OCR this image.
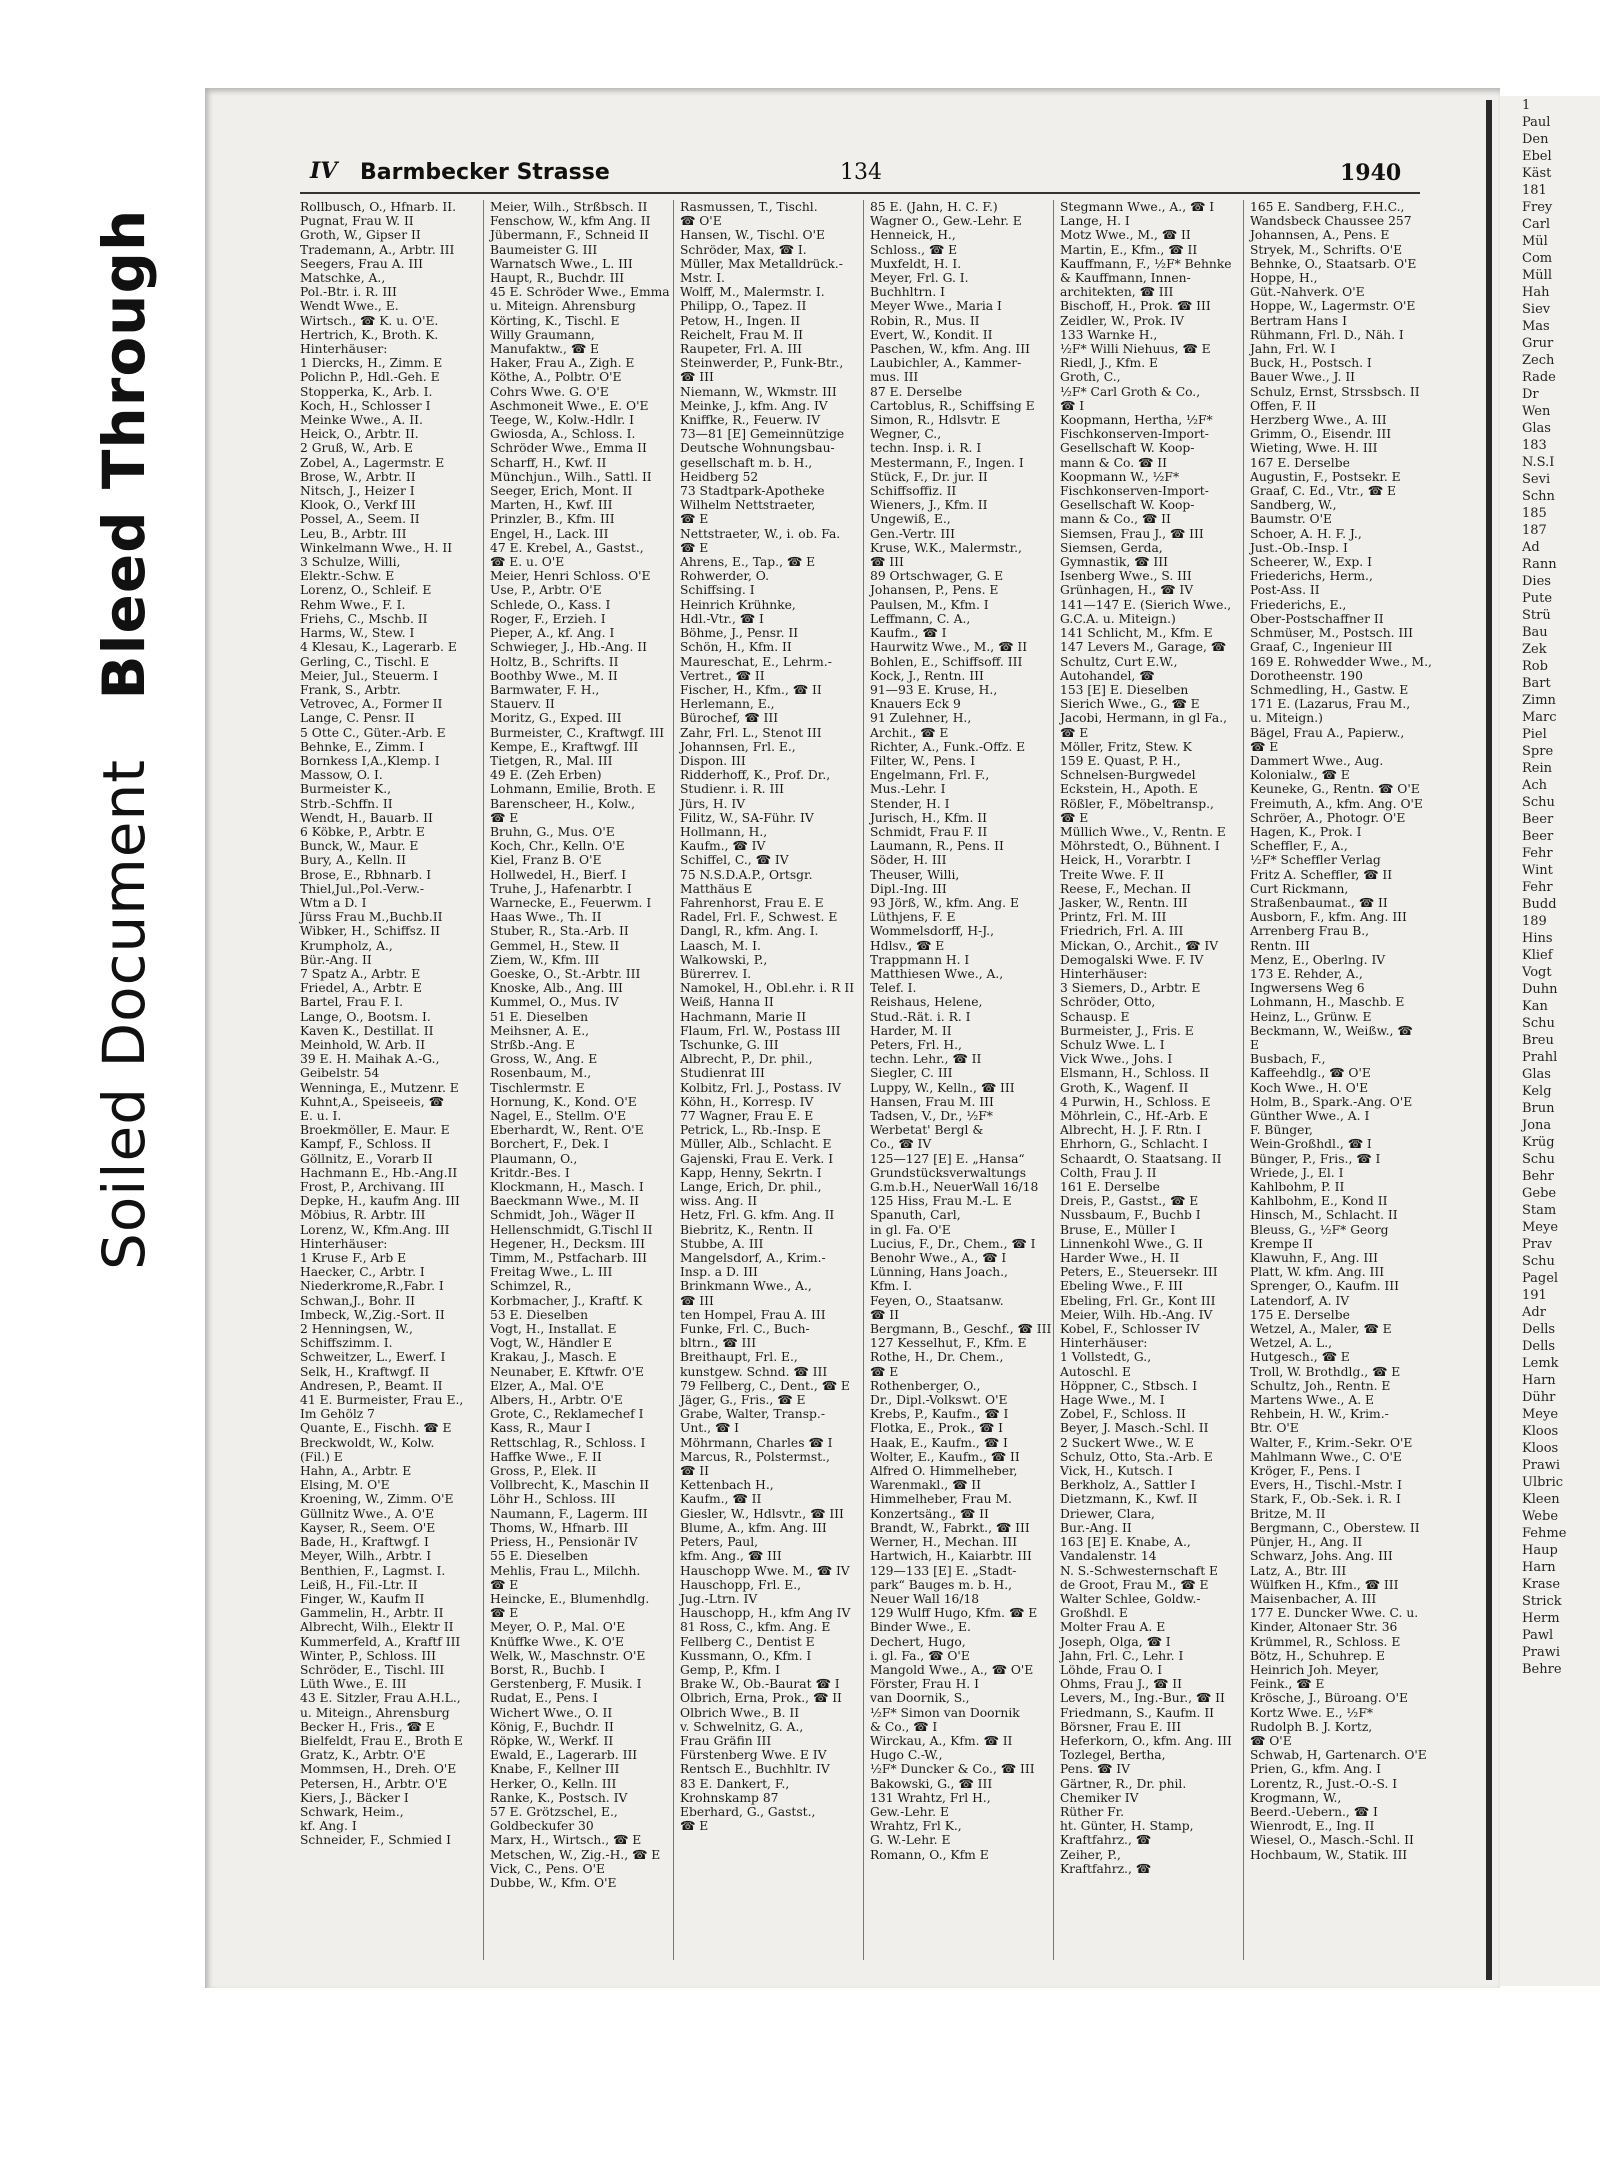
Soiled Document Bleed Through
1
Paul
Den
Ebel
Käst
181
Frey
Carl
Mül
Com
Müll
Hah
Siev
Mas
Grur
Zech
Rade
Dr
Wen
Glas
183
N.S.I
Sevi
Schn
185
187
Ad
Rann
Dies
Pute
Strü
Bau
Zek
Rob
Bart
Zimn
Marc
Piel
Spre
Rein
Ach
Schu
Beer
Beer
Fehr
Wint
Fehr
Budd
189
Hins
Klief
Vogt
Duhn
Kan
Schu
Breu
Prahl
Glas
Kelg
Brun
Jona
Krüg
Schu
Behr
Gebe
Stam
Meye
Prav
Schu
Pagel
191
Adr
Dells
Dells
Lemk
Harn
Dühr
Meye
Kloos
Kloos
Prawi
Ulbric
Kleen
Webe
Fehme
Haup
Harn
Krase
Strick
Herm
Pawl
Prawi
Behre
IV Barmbecker Strasse	134	1940
Rollbusch, O., Hfnarb. II.
Pugnat, Frau W. II
Groth, W., Gipser II
Trademann, A., Arbtr. III
Seegers, Frau A. III
Matschke, A.,
Pol.-Btr. i. R. III
Wendt Wwe., E.
Wirtsch., ☎ K. u. O'E.
Hertrich, K., Broth. K.
Hinterhäuser:
1 Diercks, H., Zimm. E
Polichn P., Hdl.-Geh. E
Stopperka, K., Arb. I.
Koch, H., Schlosser I
Meinke Wwe., A. II.
Heick, O., Arbtr. II.
2 Gruß, W., Arb. E
Zobel, A., Lagermstr. E
Brose, W., Arbtr. II
Nitsch, J., Heizer I
Klook, O., Verkf III
Possel, A., Seem. II
Leu, B., Arbtr. III
Winkelmann Wwe., H. II
3 Schulze, Willi,
Elektr.-Schw. E
Lorenz, O., Schleif. E
Rehm Wwe., F. I.
Friehs, C., Mschb. II
Harms, W., Stew. I
4 Klesau, K., Lagerarb. E
Gerling, C., Tischl. E
Meier, Jul., Steuerm. I
Frank, S., Arbtr.
Vetrovec, A., Former II
Lange, C. Pensr. II
5 Otte C., Güter.-Arb. E
Behnke, E., Zimm. I
Bornkess I,A.,Klemp. I
Massow, O. I.
Burmeister K.,
Strb.-Schffn. II
Wendt, H., Bauarb. II
6 Köbke, P., Arbtr. E
Bunck, W., Maur. E
Bury, A., Kelln. II
Brose, E., Rbhnarb. I
Thiel,Jul.,Pol.-Verw.-
Wtm a D. I
Jürss Frau M.,Buchb.II
Wibker, H., Schiffsz. II
Krumpholz, A.,
Bür.-Ang. II
7 Spatz A., Arbtr. E
Friedel, A., Arbtr. E
Bartel, Frau F. I.
Lange, O., Bootsm. I.
Kaven K., Destillat. II
Meinhold, W. Arb. II
39 E. H. Maihak A.-G.,
Geibelstr. 54
Wenninga, E., Mutzenr. E
Kuhnt,A., Speiseeis, ☎
E. u. I.
Broekmöller, E. Maur. E
Kampf, F., Schloss. II
Göllnitz, E., Vorarb II
Hachmann E., Hb.-Ang.II
Frost, P., Archivang. III
Depke, H., kaufm Ang. III
Möbius, R. Arbtr. III
Lorenz, W., Kfm.Ang. III
Hinterhäuser:
1 Kruse F., Arb E
Haecker, C., Arbtr. I
Niederkrome,R.,Fabr. I
Schwan,J., Bohr. II
Imbeck, W.,Zig.-Sort. II
2 Henningsen, W.,
Schiffszimm. I.
Schweitzer, L., Ewerf. I
Selk, H., Kraftwgf. II
Andresen, P., Beamt. II
41 E. Burmeister, Frau E.,
Im Gehölz 7
Quante, E., Fischh. ☎ E
Breckwoldt, W., Kolw.
(Fil.) E
Hahn, A., Arbtr. E
Elsing, M. O'E
Kroening, W., Zimm. O'E
Güllnitz Wwe., A. O'E
Kayser, R., Seem. O'E
Bade, H., Kraftwgf. I
Meyer, Wilh., Arbtr. I
Benthien, F., Lagmst. I.
Leiß, H., Fil.-Ltr. II
Finger, W., Kaufm II
Gammelin, H., Arbtr. II
Albrecht, Wilh., Elektr II
Kummerfeld, A., Kraftf III
Winter, P., Schloss. III
Schröder, E., Tischl. III
Lüth Wwe., E. III
43 E. Sitzler, Frau A.H.L.,
u. Miteign., Ahrensburg
Becker H., Fris., ☎ E
Bielfeldt, Frau E., Broth E
Gratz, K., Arbtr. O'E
Mommsen, H., Dreh. O'E
Petersen, H., Arbtr. O'E
Kiers, J., Bäcker I
Schwark, Heim.,
kf. Ang. I
Schneider, F., Schmied I
Meier, Wilh., Strßbsch. II
Fenschow, W., kfm Ang. II
Jübermann, F., Schneid II
Baumeister G. III
Warnatsch Wwe., L. III
Haupt, R., Buchdr. III
45 E. Schröder Wwe., Emma
u. Miteign. Ahrensburg
Körting, K., Tischl. E
Willy Graumann,
Manufaktw., ☎ E
Haker, Frau A., Zigh. E
Köthe, A., Polbtr. O'E
Cohrs Wwe. G. O'E
Aschmoneit Wwe., E. O'E
Teege, W., Kolw.-Hdlr. I
Gwiosda, A., Schloss. I.
Schröder Wwe., Emma II
Scharff, H., Kwf. II
Münchjun., Wilh., Sattl. II
Seeger, Erich, Mont. II
Marten, H., Kwf. III
Prinzler, B., Kfm. III
Engel, H., Lack. III
47 E. Krebel, A., Gastst.,
☎ E. u. O'E
Meier, Henri Schloss. O'E
Use, P., Arbtr. O'E
Schlede, O., Kass. I
Roger, F., Erzieh. I
Pieper, A., kf. Ang. I
Schwieger, J., Hb.-Ang. II
Holtz, B., Schrifts. II
Boothby Wwe., M. II
Barmwater, F. H.,
Stauerv. II
Moritz, G., Exped. III
Burmeister, C., Kraftwgf. III
Kempe, E., Kraftwgf. III
Tietgen, R., Mal. III
49 E. (Zeh Erben)
Lohmann, Emilie, Broth. E
Barenscheer, H., Kolw.,
☎ E
Bruhn, G., Mus. O'E
Koch, Chr., Kelln. O'E
Kiel, Franz B. O'E
Hollwedel, H., Bierf. I
Truhe, J., Hafenarbtr. I
Warnecke, E., Feuerwm. I
Haas Wwe., Th. II
Stuber, R., Sta.-Arb. II
Gemmel, H., Stew. II
Ziem, W., Kfm. III
Goeske, O., St.-Arbtr. III
Knoske, Alb., Ang. III
Kummel, O., Mus. IV
51 E. Dieselben
Meihsner, A. E.,
Strßb.-Ang. E
Gross, W., Ang. E
Rosenbaum, M.,
Tischlermstr. E
Hornung, K., Kond. O'E
Nagel, E., Stellm. O'E
Eberhardt, W., Rent. O'E
Borchert, F., Dek. I
Plaumann, O.,
Kritdr.-Bes. I
Klockmann, H., Masch. I
Baeckmann Wwe., M. II
Schmidt, Joh., Wäger II
Hellenschmidt, G.Tischl II
Hegener, H., Decksm. III
Timm, M., Pstfacharb. III
Freitag Wwe., L. III
Schimzel, R.,
Korbmacher, J., Kraftf. K
53 E. Dieselben
Vogt, H., Installat. E
Vogt, W., Händler E
Krakau, J., Masch. E
Neunaber, E. Kftwfr. O'E
Elzer, A., Mal. O'E
Albers, H., Arbtr. O'E
Grote, C., Reklamechef I
Kass, R., Maur I
Rettschlag, R., Schloss. I
Haffke Wwe., F. II
Gross, P., Elek. II
Vollbrecht, K., Maschin II
Löhr H., Schloss. III
Naumann, F., Lagerm. III
Thoms, W., Hfnarb. III
Priess, H., Pensionär IV
55 E. Dieselben
Mehlis, Frau L., Milchh.
☎ E
Heincke, E., Blumenhdlg.
☎ E
Meyer, O. P., Mal. O'E
Knüffke Wwe., K. O'E
Welk, W., Maschnstr. O'E
Borst, R., Buchb. I
Gerstenberg, F. Musik. I
Rudat, E., Pens. I
Wichert Wwe., O. II
König, F., Buchdr. II
Röpke, W., Werkf. II
Ewald, E., Lagerarb. III
Knabe, F., Kellner III
Herker, O., Kelln. III
Ranke, K., Postsch. IV
57 E. Grötzschel, E.,
Goldbeckufer 30
Marx, H., Wirtsch., ☎ E
Metschen, W., Zig.-H., ☎ E
Vick, C., Pens. O'E
Dubbe, W., Kfm. O'E
Rasmussen, T., Tischl.
☎ O'E
Hansen, W., Tischl. O'E
Schröder, Max, ☎ I.
Müller, Max Metalldrück.-
Mstr. I.
Wolff, M., Malermstr. I.
Philipp, O., Tapez. II
Petow, H., Ingen. II
Reichelt, Frau M. II
Raupeter, Frl. A. III
Steinwerder, P., Funk-Btr.,
☎ III
Niemann, W., Wkmstr. III
Meinke, J., kfm. Ang. IV
Kniffke, R., Feuerw. IV
73—81 [E] Gemeinnützige
Deutsche Wohnungsbau-
gesellschaft m. b. H.,
Heidberg 52
73 Stadtpark-Apotheke
Wilhelm Nettstraeter,
☎ E
Nettstraeter, W., i. ob. Fa.
☎ E
Ahrens, E., Tap., ☎ E
Rohwerder, O.
Schiffsing. I
Heinrich Krühnke,
Hdl.-Vtr., ☎ I
Böhme, J., Pensr. II
Schön, H., Kfm. II
Maureschat, E., Lehrm.-
Vertret., ☎ II
Fischer, H., Kfm., ☎ II
Herlemann, E.,
Bürochef, ☎ III
Zahr, Frl. L., Stenot III
Johannsen, Frl. E.,
Dispon. III
Ridderhoff, K., Prof. Dr.,
Studienr. i. R. III
Jürs, H. IV
Filitz, W., SA-Führ. IV
Hollmann, H.,
Kaufm., ☎ IV
Schiffel, C., ☎ IV
75 N.S.D.A.P., Ortsgr.
Matthäus E
Fahrenhorst, Frau E. E
Radel, Frl. F., Schwest. E
Dangl, R., kfm. Ang. I.
Laasch, M. I.
Walkowski, P.,
Bürerrev. I.
Namokel, H., Obl.ehr. i. R II
Weiß, Hanna II
Hachmann, Marie II
Flaum, Frl. W., Postass III
Tschunke, G. III
Albrecht, P., Dr. phil.,
Studienrat III
Kolbitz, Frl. J., Postass. IV
Köhn, H., Korresp. IV
77 Wagner, Frau E. E
Petrick, L., Rb.-Insp. E
Müller, Alb., Schlacht. E
Gajenski, Frau E. Verk. I
Kapp, Henny, Sekrtn. I
Lange, Erich, Dr. phil.,
wiss. Ang. II
Hetz, Frl. G. kfm. Ang. II
Biebritz, K., Rentn. II
Stubbe, A. III
Mangelsdorf, A., Krim.-
Insp. a D. III
Brinkmann Wwe., A.,
☎ III
ten Hompel, Frau A. III
Funke, Frl. C., Buch-
bltrn., ☎ III
Breithaupt, Frl. E.,
kunstgew. Schnd. ☎ III
79 Fellberg, C., Dent., ☎ E
Jäger, G., Fris., ☎ E
Grabe, Walter, Transp.-
Unt., ☎ I
Möhrmann, Charles ☎ I
Marcus, R., Polstermst.,
☎ II
Kettenbach H.,
Kaufm., ☎ II
Giesler, W., Hdlsvtr., ☎ III
Blume, A., kfm. Ang. III
Peters, Paul,
kfm. Ang., ☎ III
Hauschopp Wwe. M., ☎ IV
Hauschopp, Frl. E.,
Jug.-Ltrn. IV
Hauschopp, H., kfm Ang IV
81 Ross, C., kfm. Ang. E
Fellberg C., Dentist E
Kussmann, O., Kfm. I
Gemp, P., Kfm. I
Brake W., Ob.-Baurat ☎ I
Olbrich, Erna, Prok., ☎ II
Olbrich Wwe., B. II
v. Schwelnitz, G. A.,
Frau Gräfin III
Fürstenberg Wwe. E IV
Rentsch E., Buchhltr. IV
83 E. Dankert, F.,
Krohnskamp 87
Eberhard, G., Gastst.,
☎ E
85 E. (Jahn, H. C. F.)
Wagner O., Gew.-Lehr. E
Henneick, H.,
Schloss., ☎ E
Muxfeldt, H. I.
Meyer, Frl. G. I.
Buchhltrn. I
Meyer Wwe., Maria I
Robin, R., Mus. II
Evert, W., Kondit. II
Paschen, W., kfm. Ang. III
Laubichler, A., Kammer-
mus. III
87 E. Derselbe
Cartoblus, R., Schiffsing E
Simon, R., Hdlsvtr. E
Wegner, C.,
techn. Insp. i. R. I
Mestermann, F., Ingen. I
Stück, F., Dr. jur. II
Schiffsoffiz. II
Wieners, J., Kfm. II
Ungewiß, E.,
Gen.-Vertr. III
Kruse, W.K., Malermstr.,
☎ III
89 Ortschwager, G. E
Johansen, P., Pens. E
Paulsen, M., Kfm. I
Leffmann, C. A.,
Kaufm., ☎ I
Haurwitz Wwe., M., ☎ II
Bohlen, E., Schiffsoff. III
Kock, J., Rentn. III
91—93 E. Kruse, H.,
Knauers Eck 9
91 Zulehner, H.,
Archit., ☎ E
Richter, A., Funk.-Offz. E
Filter, W., Pens. I
Engelmann, Frl. F.,
Mus.-Lehr. I
Stender, H. I
Jurisch, H., Kfm. II
Schmidt, Frau F. II
Laumann, R., Pens. II
Söder, H. III
Theuser, Willi,
Dipl.-Ing. III
93 Jörß, W., kfm. Ang. E
Lüthjens, F. E
Wommelsdorff, H-J.,
Hdlsv., ☎ E
Trappmann H. I
Matthiesen Wwe., A.,
Telef. I.
Reishaus, Helene,
Stud.-Rät. i. R. I
Harder, M. II
Peters, Frl. H.,
techn. Lehr., ☎ II
Siegler, C. III
Luppy, W., Kelln., ☎ III
Hansen, Frau M. III
Tadsen, V., Dr., ½F*
Werbetat' Bergl &
Co., ☎ IV
125—127 [E] E. „Hansa“
Grundstücksverwaltungs
G.m.b.H., NeuerWall 16/18
125 Hiss, Frau M.-L. E
Spanuth, Carl,
in gl. Fa. O'E
Lucius, F., Dr., Chem., ☎ I
Benohr Wwe., A., ☎ I
Lünning, Hans Joach.,
Kfm. I.
Feyen, O., Staatsanw.
☎ II
Bergmann, B., Geschf., ☎ III
127 Kesselhut, F., Kfm. E
Rothe, H., Dr. Chem.,
☎ E
Rothenberger, O.,
Dr., Dipl.-Volkswt. O'E
Krebs, P., Kaufm., ☎ I
Flotka, E., Prok., ☎ I
Haak, E., Kaufm., ☎ I
Wolter, E., Kaufm., ☎ II
Alfred O. Himmelheber,
Warenmakl., ☎ II
Himmelheber, Frau M.
Konzertsäng., ☎ II
Brandt, W., Fabrkt., ☎ III
Werner, H., Mechan. III
Hartwich, H., Kaiarbtr. III
129—133 [E] E. „Stadt-
park“ Bauges m. b. H.,
Neuer Wall 16/18
129 Wulff Hugo, Kfm. ☎ E
Binder Wwe., E.
Dechert, Hugo,
i. gl. Fa., ☎ O'E
Mangold Wwe., A., ☎ O'E
Förster, Frau H. I
van Doornik, S.,
½F* Simon van Doornik
& Co., ☎ I
Wirckau, A., Kfm. ☎ II
Hugo C.-W.,
½F* Duncker & Co., ☎ III
Bakowski, G., ☎ III
131 Wrahtz, Frl H.,
Gew.-Lehr. E
Wrahtz, Frl K.,
G. W.-Lehr. E
Romann, O., Kfm E
Stegmann Wwe., A., ☎ I
Lange, H. I
Motz Wwe., M., ☎ II
Martin, E., Kfm., ☎ II
Kauffmann, F., ½F* Behnke
& Kauffmann, Innen-
architekten, ☎ III
Bischoff, H., Prok. ☎ III
Zeidler, W., Prok. IV
133 Warnke H.,
½F* Willi Niehuus, ☎ E
Riedl, J., Kfm. E
Groth, C.,
½F* Carl Groth & Co.,
☎ I
Koopmann, Hertha, ½F*
Fischkonserven-Import-
Gesellschaft W. Koop-
mann & Co. ☎ II
Koopmann W., ½F*
Fischkonserven-Import-
Gesellschaft W. Koop-
mann & Co., ☎ II
Siemsen, Frau J., ☎ III
Siemsen, Gerda,
Gymnastik, ☎ III
Isenberg Wwe., S. III
Grünhagen, H., ☎ IV
141—147 E. (Sierich Wwe.,
G.C.A. u. Miteign.)
141 Schlicht, M., Kfm. E
147 Levers M., Garage, ☎
Schultz, Curt E.W.,
Autohandel, ☎
153 [E] E. Dieselben
Sierich Wwe., G., ☎ E
Jacobi, Hermann, in gl Fa.,
☎ E
Möller, Fritz, Stew. K
159 E. Quast, P. H.,
Schnelsen-Burgwedel
Eckstein, H., Apoth. E
Rößler, F., Möbeltransp.,
☎ E
Müllich Wwe., V., Rentn. E
Möhrstedt, O., Bühnent. I
Heick, H., Vorarbtr. I
Treite Wwe. F. II
Reese, F., Mechan. II
Jasker, W., Rentn. III
Printz, Frl. M. III
Friedrich, Frl. A. III
Mickan, O., Archit., ☎ IV
Demogalski Wwe. F. IV
Hinterhäuser:
3 Siemers, D., Arbtr. E
Schröder, Otto,
Schausp. E
Burmeister, J., Fris. E
Schulz Wwe. L. I
Vick Wwe., Johs. I
Elsmann, H., Schloss. II
Groth, K., Wagenf. II
4 Purwin, H., Schloss. E
Möhrlein, C., Hf.-Arb. E
Albrecht, H. J. F. Rtn. I
Ehrhorn, G., Schlacht. I
Schaardt, O. Staatsang. II
Colth, Frau J. II
161 E. Derselbe
Dreis, P., Gastst., ☎ E
Nussbaum, F., Buchb I
Bruse, E., Müller I
Linnenkohl Wwe., G. II
Harder Wwe., H. II
Peters, E., Steuersekr. III
Ebeling Wwe., F. III
Ebeling, Frl. Gr., Kont III
Meier, Wilh. Hb.-Ang. IV
Kobel, F., Schlosser IV
Hinterhäuser:
1 Vollstedt, G.,
Autoschl. E
Höppner, C., Stbsch. I
Hage Wwe., M. I
Zobel, F., Schloss. II
Beyer, J. Masch.-Schl. II
2 Suckert Wwe., W. E
Schulz, Otto, Sta.-Arb. E
Vick, H., Kutsch. I
Berkholz, A., Sattler I
Dietzmann, K., Kwf. II
Driewer, Clara,
Bur.-Ang. II
163 [E] E. Knabe, A.,
Vandalenstr. 14
N. S.-Schwesternschaft E
de Groot, Frau M., ☎ E
Walter Schlee, Goldw.-
Großhdl. E
Molter Frau A. E
Joseph, Olga, ☎ I
Jahn, Frl. C., Lehr. I
Löhde, Frau O. I
Ohms, Frau J., ☎ II
Levers, M., Ing.-Bur., ☎ II
Friedmann, S., Kaufm. II
Börsner, Frau E. III
Heferkorn, O., kfm. Ang. III
Tozlegel, Bertha,
Pens. ☎ IV
Gärtner, R., Dr. phil.
Chemiker IV
Rüther Fr.
ht. Günter, H. Stamp,
Kraftfahrz., ☎
Zeiher, P.,
Kraftfahrz., ☎
165 E. Sandberg, F.H.C.,
Wandsbeck Chaussee 257
Johannsen, A., Pens. E
Stryek, M., Schrifts. O'E
Behnke, O., Staatsarb. O'E
Hoppe, H.,
Güt.-Nahverk. O'E
Hoppe, W., Lagermstr. O'E
Bertram Hans I
Rühmann, Frl. D., Näh. I
Jahn, Frl. W. I
Buck, H., Postsch. I
Bauer Wwe., J. II
Schulz, Ernst, Strssbsch. II
Offen, F. II
Herzberg Wwe., A. III
Grimm, O., Eisendr. III
Wieting, Wwe. H. III
167 E. Derselbe
Augustin, F., Postsekr. E
Graaf, C. Ed., Vtr., ☎ E
Sandberg, W.,
Baumstr. O'E
Schoer, A. H. F. J.,
Just.-Ob.-Insp. I
Scheerer, W., Exp. I
Friederichs, Herm.,
Post-Ass. II
Friederichs, E.,
Ober-Postschaffner II
Schmüser, M., Postsch. III
Graaf, C., Ingenieur III
169 E. Rohwedder Wwe., M.,
Dorotheenstr. 190
Schmedling, H., Gastw. E
171 E. (Lazarus, Frau M.,
u. Miteign.)
Bägel, Frau A., Papierw.,
☎ E
Dammert Wwe., Aug.
Kolonialw., ☎ E
Keuneke, G., Rentn. ☎ O'E
Freimuth, A., kfm. Ang. O'E
Schröer, A., Photogr. O'E
Hagen, K., Prok. I
Scheffler, F., A.,
½F* Scheffler Verlag
Fritz A. Scheffler, ☎ II
Curt Rickmann,
Straßenbaumat., ☎ II
Ausborn, F., kfm. Ang. III
Arrenberg Frau B.,
Rentn. III
Menz, E., Oberlng. IV
173 E. Rehder, A.,
Ingwersens Weg 6
Lohmann, H., Maschb. E
Heinz, L., Grünw. E
Beckmann, W., Weißw., ☎
E
Busbach, F.,
Kaffeehdlg., ☎ O'E
Koch Wwe., H. O'E
Holm, B., Spark.-Ang. O'E
Günther Wwe., A. I
F. Bünger,
Wein-Großhdl., ☎ I
Bünger, P., Fris., ☎ I
Wriede, J., El. I
Kahlbohm, P. II
Kahlbohm, E., Kond II
Hinsch, M., Schlacht. II
Bleuss, G., ½F* Georg
Krempe II
Klawuhn, F., Ang. III
Platt, W. kfm. Ang. III
Sprenger, O., Kaufm. III
Latendorf, A. IV
175 E. Derselbe
Wetzel, A., Maler, ☎ E
Wetzel, A. L.,
Hutgesch., ☎ E
Troll, W. Brothdlg., ☎ E
Schultz, Joh., Rentn. E
Martens Wwe., A. E
Rehbein, H. W., Krim.-
Btr. O'E
Walter, F., Krim.-Sekr. O'E
Mahlmann Wwe., C. O'E
Kröger, F., Pens. I
Evers, H., Tischl.-Mstr. I
Stark, F., Ob.-Sek. i. R. I
Britze, M. II
Bergmann, C., Oberstew. II
Pünjer, H., Ang. II
Schwarz, Johs. Ang. III
Latz, A., Btr. III
Wülfken H., Kfm., ☎ III
Maisenbacher, A. III
177 E. Duncker Wwe. C. u.
Kinder, Altonaer Str. 36
Krümmel, R., Schloss. E
Bötz, H., Schuhrep. E
Heinrich Joh. Meyer,
Feink., ☎ E
Krösche, J., Büroang. O'E
Kortz Wwe. E., ½F*
Rudolph B. J. Kortz,
☎ O'E
Schwab, H, Gartenarch. O'E
Prien, G., kfm. Ang. I
Lorentz, R., Just.-O.-S. I
Krogmann, W.,
Beerd.-Uebern., ☎ I
Wienrodt, E., Ing. II
Wiesel, O., Masch.-Schl. II
Hochbaum, W., Statik. III
